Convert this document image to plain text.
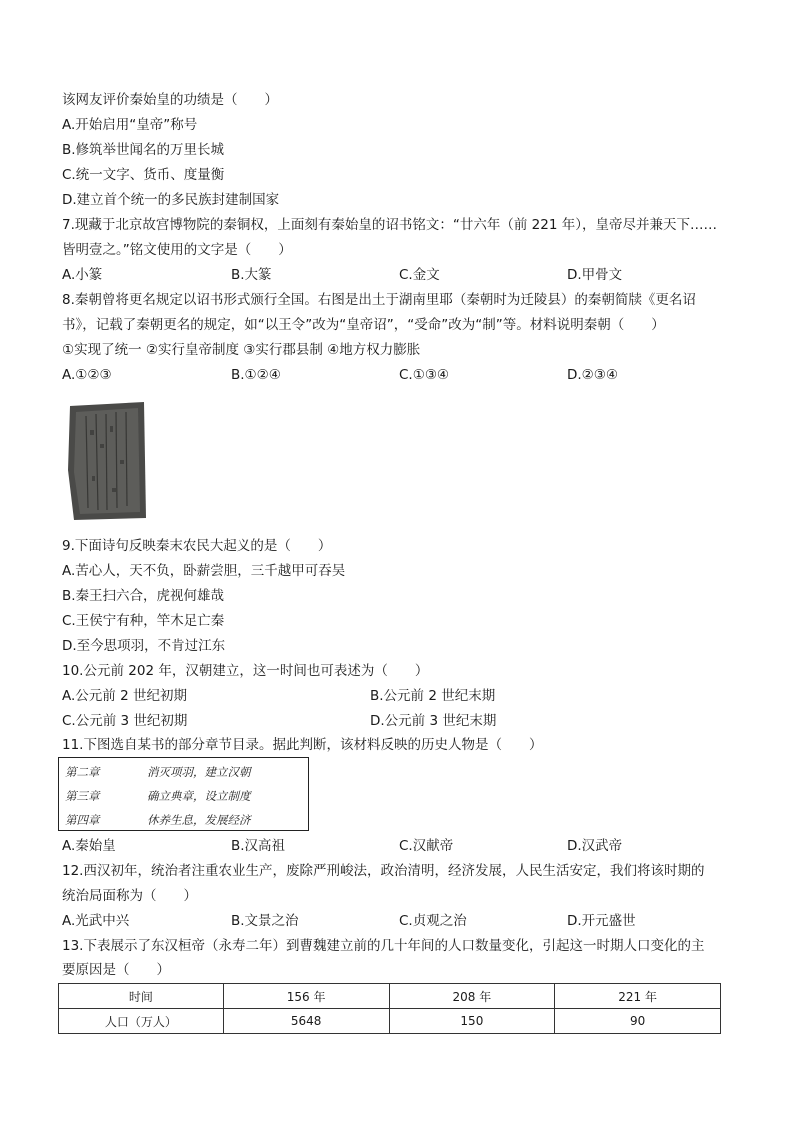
该网友评价秦始皇的功绩是（　　）
A.开始启用“皇帝”称号
B.修筑举世闻名的万里长城
C.统一文字、货币、度量衡
D.建立首个统一的多民族封建制国家
7.现藏于北京故宫博物院的秦铜权，上面刻有秦始皇的诏书铭文：“廿六年（前 221 年），皇帝尽并兼天下……
皆明壹之。”铭文使用的文字是（　　）
A.小篆	B.大篆	C.金文	D.甲骨文
8.秦朝曾将更名规定以诏书形式颁行全国。右图是出土于湖南里耶（秦朝时为迁陵县）的秦朝简牍《更名诏
书》，记载了秦朝更名的规定，如“以王令”改为“皇帝诏”，“受命”改为“制”等。材料说明秦朝（　　）
①实现了统一 ②实行皇帝制度 ③实行郡县制 ④地方权力膨胀
A.①②③	B.①②④	C.①③④	D.②③④
9.下面诗句反映秦末农民大起义的是（　　）
A.苦心人，天不负，卧薪尝胆，三千越甲可吞吴
B.秦王扫六合，虎视何雄哉
C.王侯宁有种，竿木足亡秦
D.至今思项羽，不肯过江东
10.公元前 202 年，汉朝建立，这一时间也可表述为（　　）
A.公元前 2 世纪初期	B.公元前 2 世纪末期
C.公元前 3 世纪初期	D.公元前 3 世纪末期
11.下图选自某书的部分章节目录。据此判断，该材料反映的历史人物是（　　）
第二章	消灭项羽，建立汉朝
第三章	确立典章，设立制度
第四章	休养生息，发展经济
A.秦始皇	B.汉高祖	C.汉献帝	D.汉武帝
12.西汉初年，统治者注重农业生产，废除严刑峻法，政治清明，经济发展，人民生活安定，我们将该时期的
统治局面称为（　　）
A.光武中兴	B.文景之治	C.贞观之治	D.开元盛世
13.下表展示了东汉桓帝（永寿二年）到曹魏建立前的几十年间的人口数量变化，引起这一时期人口变化的主
要原因是（　　）
时间	156 年	208 年	221 年
人口（万人）	5648	150	90
